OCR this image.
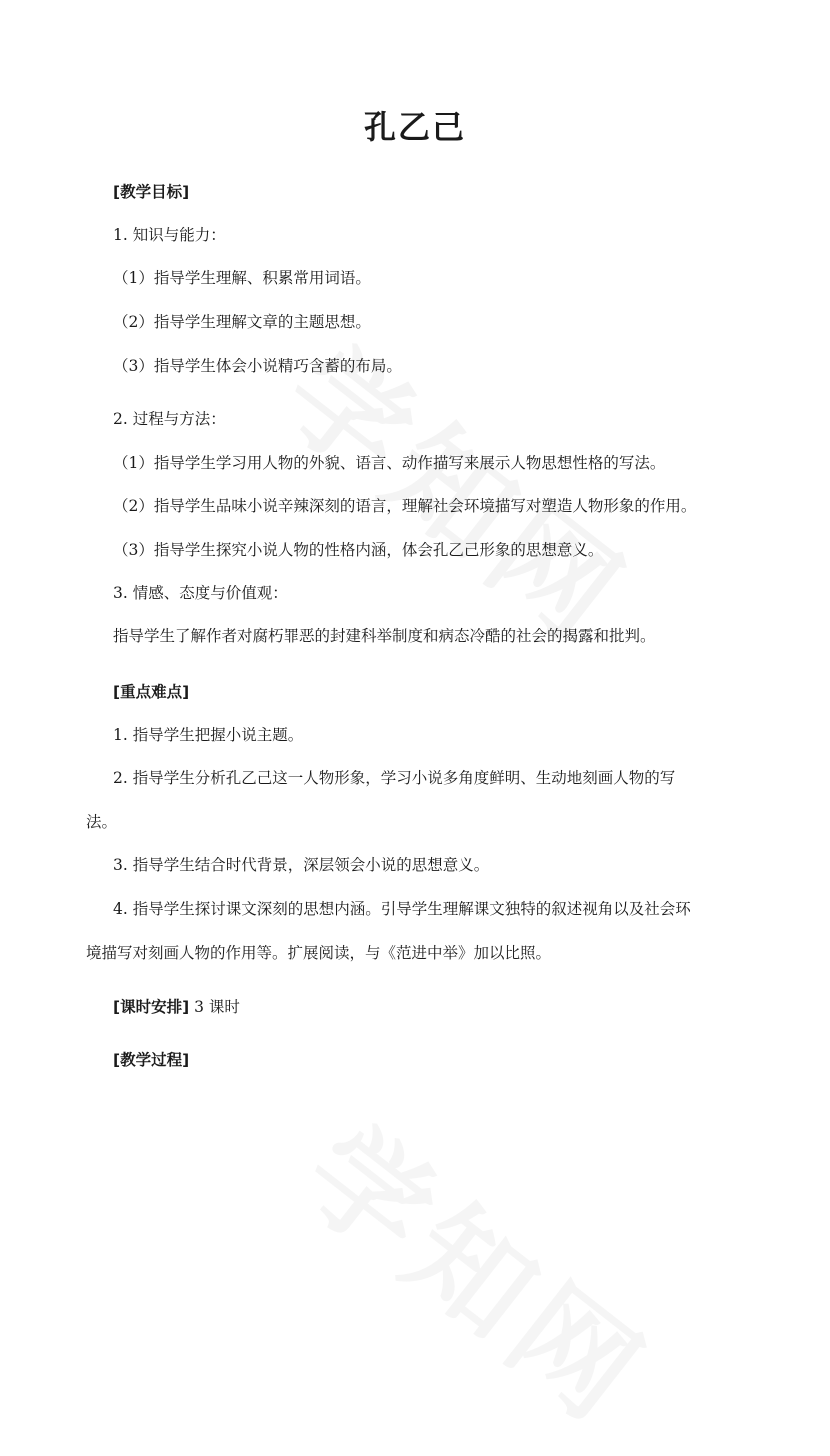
孔乙己
[教学目标]
1. 知识与能力：
（1）指导学生理解、积累常用词语。
（2）指导学生理解文章的主题思想。
（3）指导学生体会小说精巧含蓄的布局。
2. 过程与方法：
（1）指导学生学习用人物的外貌、语言、动作描写来展示人物思想性格的写法。
（2）指导学生品味小说辛辣深刻的语言，理解社会环境描写对塑造人物形象的作用。
（3）指导学生探究小说人物的性格内涵，体会孔乙己形象的思想意义。
3. 情感、态度与价值观：
指导学生了解作者对腐朽罪恶的封建科举制度和病态冷酷的社会的揭露和批判。
[重点难点]
1. 指导学生把握小说主题。
2. 指导学生分析孔乙己这一人物形象，学习小说多角度鲜明、生动地刻画人物的写
法。
3. 指导学生结合时代背景，深层领会小说的思想意义。
4. 指导学生探讨课文深刻的思想内涵。引导学生理解课文独特的叙述视角以及社会环
境描写对刻画人物的作用等。扩展阅读，与《范进中举》加以比照。
[课时安排] 3 课时
[教学过程]
